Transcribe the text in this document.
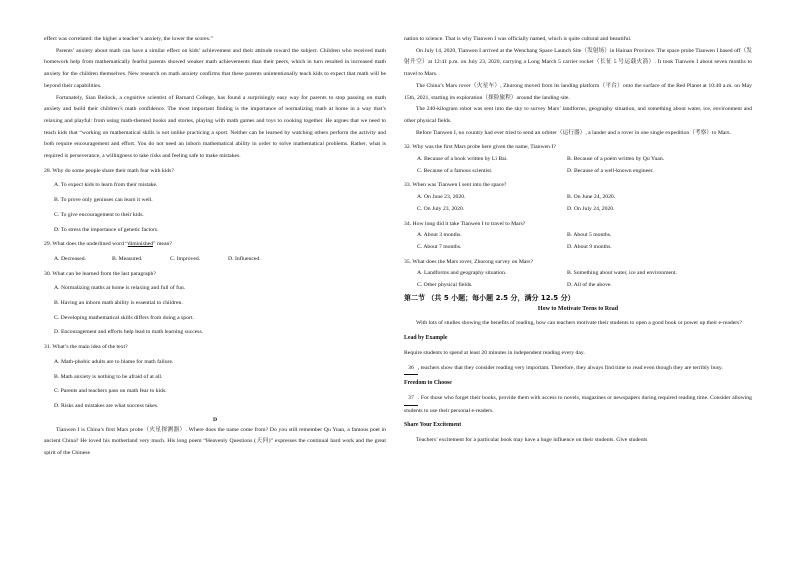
effect was correlated: the higher a teacher’s anxiety, the lower the scores.”

Parents’ anxiety about math can have a similar effect on kids’ achievement and their attitude toward the subject. Children who received math homework help from mathematically fearful parents showed weaker math achievements than their peers, which in turn resulted in increased math anxiety for the children themselves. New research on math anxiety confirms that these parents unintentionally teach kids to expect that math will be beyond their capabilities.

Fortunately, Sian Beilock, a cognitive scientist of Barnard College, has found a surprisingly easy way for parents to stop passing on math anxiety and build their children’s math confidence. The most important finding is the importance of normalizing math at home in a way that’s relaxing and playful: from using math-themed books and stories, playing with math games and toys to cooking together. He argues that we need to teach kids that “working on mathematical skills is not unlike practicing a sport. Neither can be learned by watching others perform the activity and both require encouragement and effort. You do not need an inborn mathematical ability in order to solve mathematical problems. Rather, what is required is perseverance, a willingness to take risks and feeling safe to make mistakes.

28. Why do some people share their math fear with kids?
A. To expect kids to learn from their mistake.
B. To prove only geniuses can learn it well.
C. To give encouragement to their kids.
D. To stress the importance of genetic factors.
29. What does the underlined word “diminished” mean?
A. Decreased.	B. Measured.	C. Improved.	D. Influenced.
30. What can be learned from the last paragraph?
A. Normalizing maths at home is relaxing and full of fun.
B. Having an inborn math ability is essential to children.
C. Developing mathematical skills differs from doing a sport.
D. Encouragement and efforts help lead to math learning success.
31. What’s the main idea of the text?
A. Math-phobic adults are to blame for math failure.
B. Math anxiety is nothing to be afraid of at all.
C. Parents and teachers pass on math fear to kids.
D. Risks and mistakes are what success takes.
D

Tianwen I is China’s first Mars probe（火星探测器）. Where does the name come from? Do you still remember Qu Yuan, a famous poet in ancient China? He loved his motherland very much. His long poem “Heavenly Questions (天问)” expresses the continual hard work and the great spirit of the Chinese

nation to science. That is why Tianwen I was officially named, which is quite cultural and beautiful.

On July 14, 2020, Tianwen I arrived at the Wenchang Space Launch Site（发射场）in Hainan Province. The space probe Tianwen I based off（发射升空）at 12:41 p.m. on July 23, 2020, carrying a Long March 5 carrier rocket（长征 5 号运载火箭）. It took Tianwen I about seven months to travel to Mars.

The China’s Mars rover（火星车）, Zhurong moved from its landing platform（平台）onto the surface of the Red Planet at 10:40 a.m. on May 15th, 2021, starting its exploration（探险旅程）around the landing site.

The 240-kilogram robot was sent into the sky to survey Mars’ landforms, geography situation, and something about water, ice, environment and other physical fields.

Before Tianwen I, no country had ever tried to send an orbiter（运行器）, a lander and a rover in one single expedition（考察）to Mars.

32. Why was the first Mars probe here given the name, Tianwen I?
A. Because of a book written by Li Bai.	B. Because of a poem written by Qu Yuan.
C. Because of a famous scientist.	D. Because of a well-known engineer.
33. When was Tianwen I sent into the space?
A. On June 23, 2020.	B. On June 24, 2020.
C. On July 23, 2020.	D. On July 24, 2020.
34. How long did it take Tianwen I to travel to Mars?
A. About 3 months.	B. About 5 months.
C. About 7 months.	D. About 9 months.
35. What does the Mars rover, Zhurong survey on Mars?
A. Landforms and geography situation.	B. Something about water, ice and environment.
C. Other physical fields.	D. All of the above.
第二节 （共 5 小题；每小题 2.5 分，满分 12.5 分）
How to Motivate Teens to Read

With lots of studies showing the benefits of reading, how can teachers motivate their students to open a good book or power up their e-readers?

Lead by Example

Require students to spend at least 20 minutes in independent reading every day.

36 , teachers show that they consider reading very important. Therefore, they always find time to read even though they are terribly busy.

Freedom to Choose

37 . For those who forget their books, provide them with access to novels, magazines or newspapers during required reading time. Consider allowing students to use their personal e-readers.

Share Your Excitement

Teachers’ excitement for a particular book may have a huge influence on their students. Give students
